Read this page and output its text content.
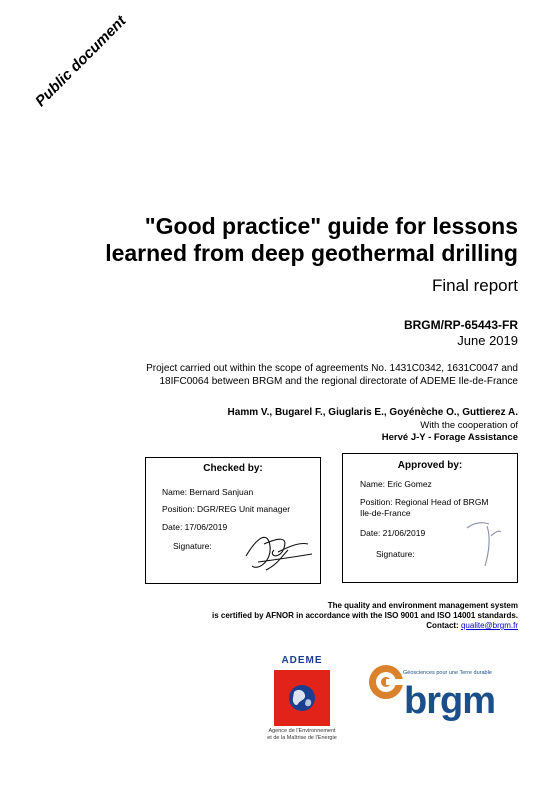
Public document
"Good practice" guide for lessons
learned from deep geothermal drilling
Final report
BRGM/RP-65443-FR
June 2019
Project carried out within the scope of agreements No. 1431C0342, 1631C0047 and
18IFC0064 between BRGM and the regional directorate of ADEME Ile-de-France
Hamm V., Bugarel F., Giuglaris E., Goyénèche O., Guttierez A.
With the cooperation of
Hervé J-Y - Forage Assistance
Checked by:
Name: Bernard Sanjuan
Position: DGR/REG Unit manager
Date: 17/06/2019
Signature:
Approved by:
Name: Eric Gomez
Position: Regional Head of BRGM
Ile-de-France
Date: 21/06/2019
Signature:
The quality and environment management system
is certified by AFNOR in accordance with the ISO 9001 and ISO 14001 standards.
Contact: qualite@brgm.fr
ADEME
Agence de l'Environnement
et de la Maîtrise de l'Energie
Géosciences pour une Terre durable
brgm
